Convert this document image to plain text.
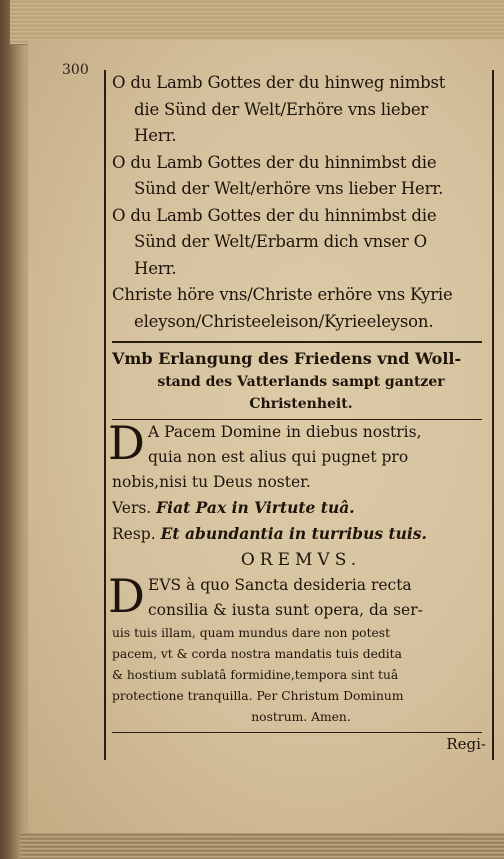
300

O du Lamb Gottes der du hinweg nimbst
die Sünd der Welt/Erhöre vns lieber
Herr.
O du Lamb Gottes der du hinnimbst die
Sünd der Welt/erhöre vns lieber Herr.
O du Lamb Gottes der du hinnimbst die
Sünd der Welt/Erbarm dich vnser O
Herr.
Christe höre vns/Christe erhöre vns Kyrie
eleyson/Christeeleison/Kyrieeleyson.
Vmb Erlangung des Friedens vnd Woll-
stand des Vatterlands sampt gantzer
Christenheit.
D A Pacem Domine in diebus nostris,
quia non est alius qui pugnet pro
nobis,nisi tu Deus noster.
Vers. Fiat Pax in Virtute tuâ.
Resp. Et abundantia in turribus tuis.
OREMVS.
D EVS à quo Sancta desideria recta
consilia & iusta sunt opera, da ser-
uis tuis illam, quam mundus dare non potest
pacem, vt & corda nostra mandatis tuis dedita
& hostium sublatâ formidine,tempora sint tuâ
protectione tranquilla. Per Christum Dominum
nostrum. Amen.
Regi-
